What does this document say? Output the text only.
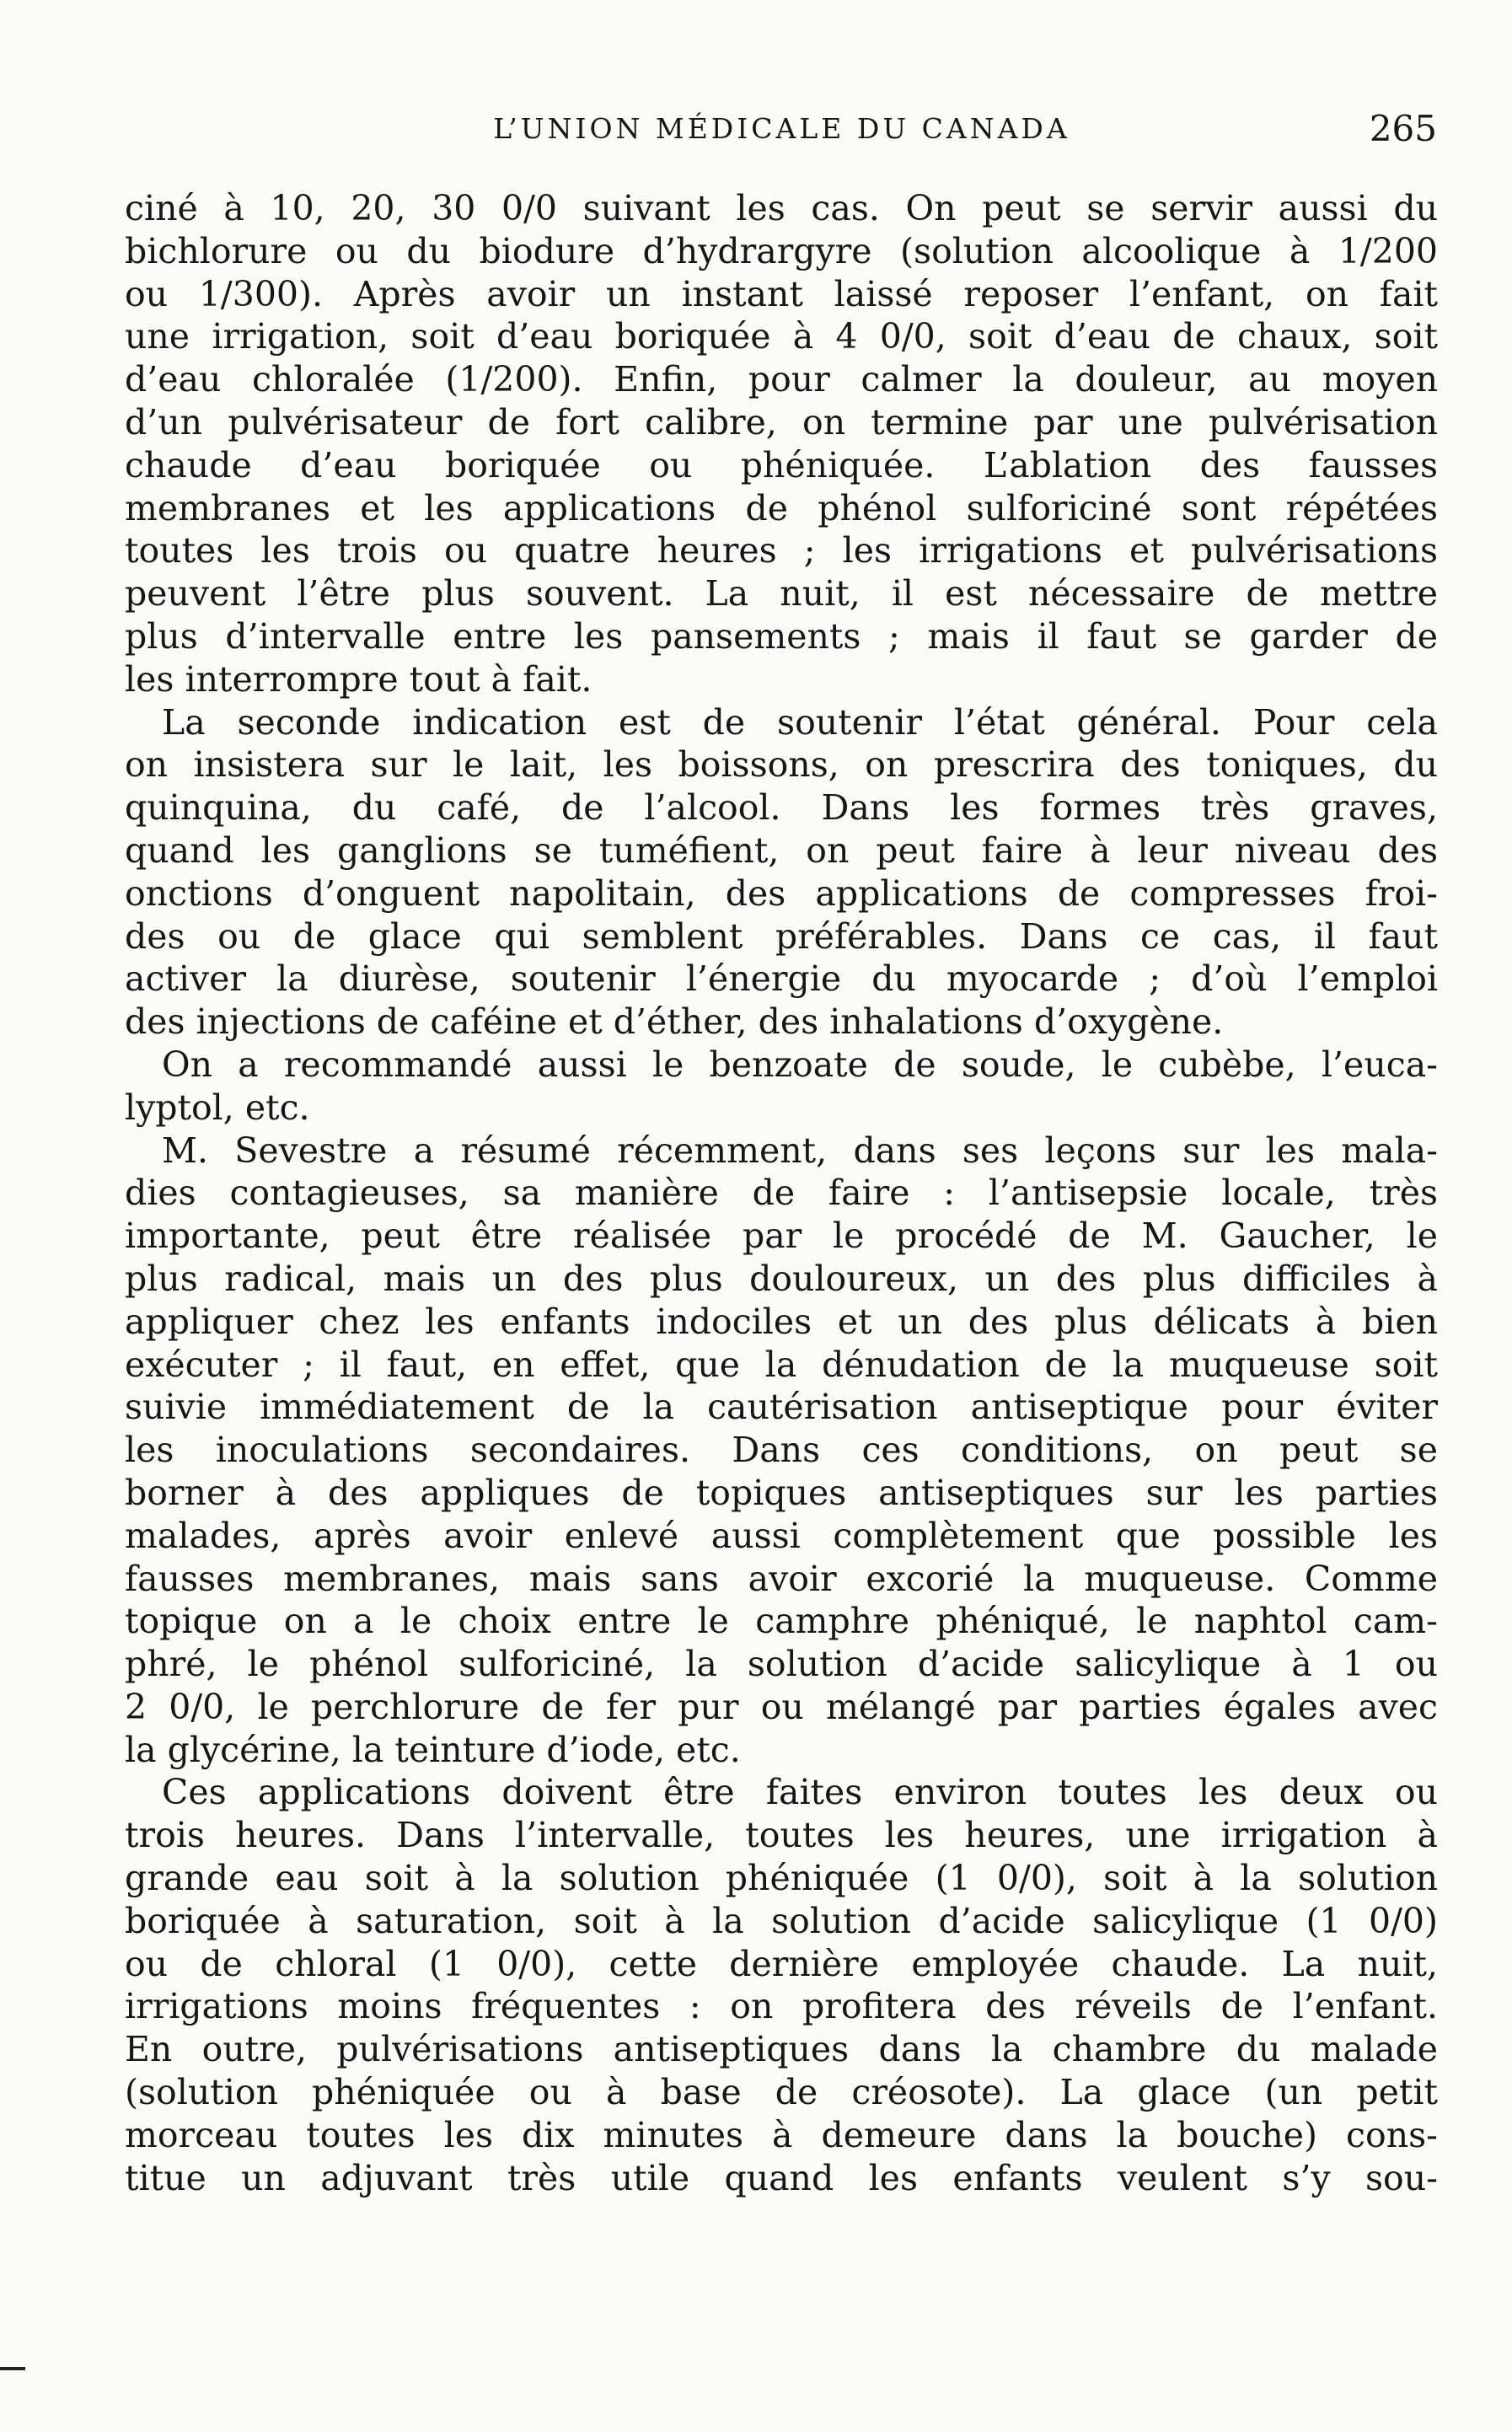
L’UNION MÉDICALE DU CANADA	265
ciné à 10, 20, 30 0/0 suivant les cas. On peut se servir aussi du
bichlorure ou du biodure d’hydrargyre (solution alcoolique à 1/200
ou 1/300). Après avoir un instant laissé reposer l’enfant, on fait
une irrigation, soit d’eau boriquée à 4 0/0, soit d’eau de chaux, soit
d’eau chloralée (1/200). Enfin, pour calmer la douleur, au moyen
d’un pulvérisateur de fort calibre, on termine par une pulvérisation
chaude d’eau boriquée ou phéniquée. L’ablation des fausses
membranes et les applications de phénol sulforiciné sont répétées
toutes les trois ou quatre heures ; les irrigations et pulvérisations
peuvent l’être plus souvent. La nuit, il est nécessaire de mettre
plus d’intervalle entre les pansements ; mais il faut se garder de
les interrompre tout à fait.
La seconde indication est de soutenir l’état général. Pour cela
on insistera sur le lait, les boissons, on prescrira des toniques, du
quinquina, du café, de l’alcool. Dans les formes très graves,
quand les ganglions se tuméfient, on peut faire à leur niveau des
onctions d’onguent napolitain, des applications de compresses froi-
des ou de glace qui semblent préférables. Dans ce cas, il faut
activer la diurèse, soutenir l’énergie du myocarde ; d’où l’emploi
des injections de caféine et d’éther, des inhalations d’oxygène.
On a recommandé aussi le benzoate de soude, le cubèbe, l’euca-
lyptol, etc.
M. Sevestre a résumé récemment, dans ses leçons sur les mala-
dies contagieuses, sa manière de faire : l’antisepsie locale, très
importante, peut être réalisée par le procédé de M. Gaucher, le
plus radical, mais un des plus douloureux, un des plus difficiles à
appliquer chez les enfants indociles et un des plus délicats à bien
exécuter ; il faut, en effet, que la dénudation de la muqueuse soit
suivie immédiatement de la cautérisation antiseptique pour éviter
les inoculations secondaires. Dans ces conditions, on peut se
borner à des appliques de topiques antiseptiques sur les parties
malades, après avoir enlevé aussi complètement que possible les
fausses membranes, mais sans avoir excorié la muqueuse. Comme
topique on a le choix entre le camphre phéniqué, le naphtol cam-
phré, le phénol sulforiciné, la solution d’acide salicylique à 1 ou
2 0/0, le perchlorure de fer pur ou mélangé par parties égales avec
la glycérine, la teinture d’iode, etc.
Ces applications doivent être faites environ toutes les deux ou
trois heures. Dans l’intervalle, toutes les heures, une irrigation à
grande eau soit à la solution phéniquée (1 0/0), soit à la solution
boriquée à saturation, soit à la solution d’acide salicylique (1 0/0)
ou de chloral (1 0/0), cette dernière employée chaude. La nuit,
irrigations moins fréquentes : on profitera des réveils de l’enfant.
En outre, pulvérisations antiseptiques dans la chambre du malade
(solution phéniquée ou à base de créosote). La glace (un petit
morceau toutes les dix minutes à demeure dans la bouche) cons-
titue un adjuvant très utile quand les enfants veulent s’y sou-
